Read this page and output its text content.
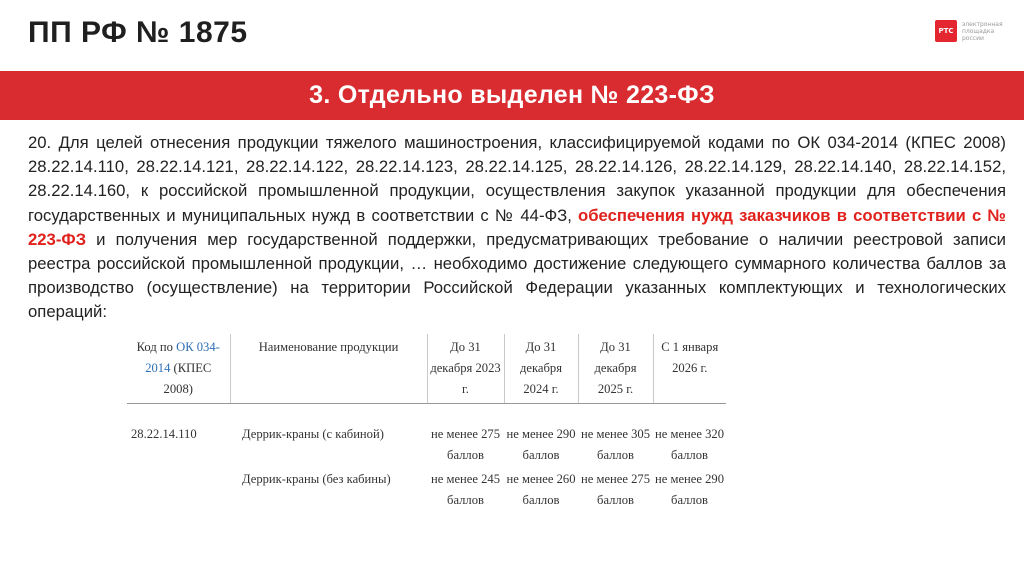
ПП РФ № 1875	РТС
электронная площадка россии
3. Отдельно выделен № 223-ФЗ
20. Для целей отнесения продукции тяжелого машиностроения, классифицируемой кодами по ОК 034-2014 (КПЕС 2008) 28.22.14.110, 28.22.14.121, 28.22.14.122, 28.22.14.123, 28.22.14.125, 28.22.14.126, 28.22.14.129, 28.22.14.140, 28.22.14.152, 28.22.14.160, к российской промышленной продукции, осуществления закупок указанной продукции для обеспечения государственных и муниципальных нужд в соответствии с № 44-ФЗ, обеспечения нужд заказчиков в соответствии с № 223-ФЗ и получения мер государственной поддержки, предусматривающих требование о наличии реестровой записи реестра российской промышленной продукции, … необходимо достижение следующего суммарного количества баллов за производство (осуществление) на территории Российской Федерации указанных комплектующих и технологических операций:
Код по ОК 034-
2014 (КПЕС 2008)	Наименование продукции	До 31 декабря 2023 г.	До 31 декабря 2024 г.	До 31 декабря 2025 г.	С 1 января 2026 г.

28.22.14.110	Деррик-краны (с кабиной)	не менее 275 баллов	не менее 290 баллов	не менее 305 баллов	не менее 320 баллов
	Деррик-краны (без кабины)	не менее 245 баллов	не менее 260 баллов	не менее 275 баллов	не менее 290 баллов
